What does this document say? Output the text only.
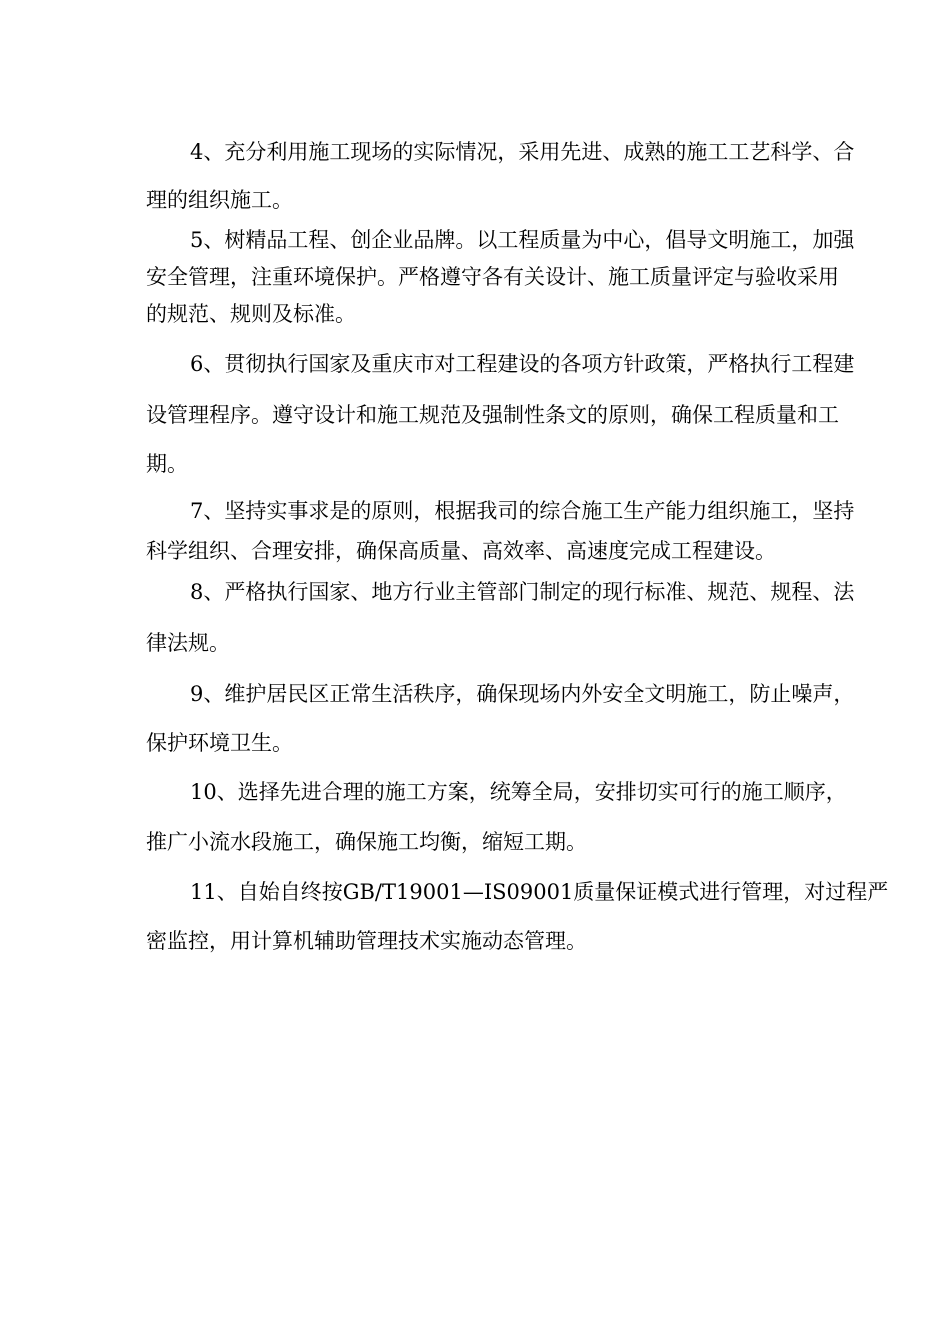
4、充分利用施工现场的实际情况，采用先进、成熟的施工工艺科学、合
理的组织施工。
5、树精品工程、创企业品牌。以工程质量为中心，倡导文明施工，加强
安全管理，注重环境保护。严格遵守各有关设计、施工质量评定与验收采用
的规范、规则及标准。
6、贯彻执行国家及重庆市对工程建设的各项方针政策，严格执行工程建
设管理程序。遵守设计和施工规范及强制性条文的原则，确保工程质量和工
期。
7、坚持实事求是的原则，根据我司的综合施工生产能力组织施工，坚持
科学组织、合理安排，确保高质量、高效率、高速度完成工程建设。
8、严格执行国家、地方行业主管部门制定的现行标准、规范、规程、法
律法规。
9、维护居民区正常生活秩序，确保现场内外安全文明施工，防止噪声，
保护环境卫生。
10、选择先进合理的施工方案，统筹全局，安排切实可行的施工顺序，
推广小流水段施工，确保施工均衡，缩短工期。
11、自始自终按GB/T19001—IS09001质量保证模式进行管理，对过程严
密监控，用计算机辅助管理技术实施动态管理。
